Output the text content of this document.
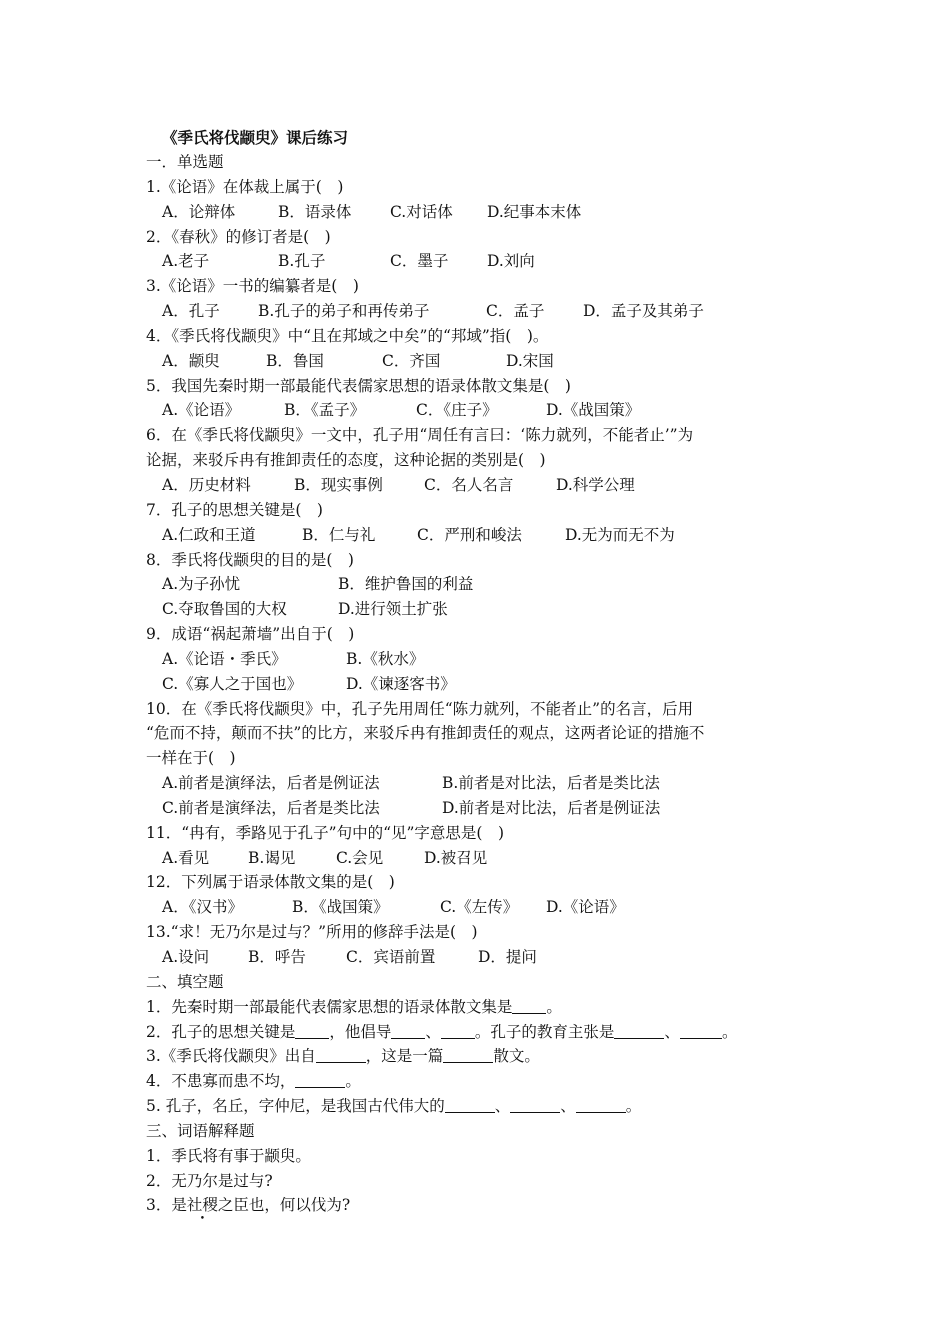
《季氏将伐颛臾》课后练习
一．单选题
1.《论语》在体裁上属于(　)
A．论辩体	B．语录体 C.对话体 D.纪事本末体
2．《春秋》的修订者是(　)
A.老子	B.孔子	C．墨子 D.刘向
3.《论语》一书的编纂者是(　)
A．孔子 B.孔子的弟子和再传弟子	C．孟子 D．孟子及其弟子
4．《季氏将伐颛臾》中“且在邦域之中矣”的“邦域”指(　)。
A．颛臾	B．鲁国	C．齐国	D.宋国
5．我国先秦时期一部最能代表儒家思想的语录体散文集是(　)
A.《论语》	B．《孟子》	C．《庄子》	D.《战国策》
6．在《季氏将伐颛臾》一文中，孔子用“周任有言曰：‘陈力就列，不能者止’”为
论据，来驳斥冉有推卸责任的态度，这种论据的类别是(　)
A．历史材料	B．现实事例	C．名人名言	D.科学公理
7．孔子的思想关键是(　)
A.仁政和王道	B．仁与礼	C．严刑和峻法	D.无为而无不为
8．季氏将伐颛臾的目的是(　)
A.为子孙忧	B．维护鲁国的利益
C.夺取鲁国的大权	D.进行领土扩张
9．成语“祸起萧墙”出自于(　)
A.《论语・季氏》	B.《秋水》
C.《寡人之于国也》	D.《谏逐客书》
10．在《季氏将伐颛臾》中，孔子先用周任“陈力就列，不能者止”的名言，后用
“危而不持，颠而不扶”的比方，来驳斥冉有推卸责任的观点，这两者论证的措施不
一样在于(　)
A.前者是演绎法，后者是例证法	B.前者是对比法，后者是类比法
C.前者是演绎法，后者是类比法	D.前者是对比法，后者是例证法
11．“冉有，季路见于孔子”句中的“见”字意思是(　)
A.看见	B.谒见	C.会见	D.被召见
12．下列属于语录体散文集的是(　)
A．《汉书》	B．《战国策》	C.《左传》 D.《论语》
13.“求！无乃尔是过与？”所用的修辞手法是(　)
A.设问	B．呼告	C．宾语前置	D．提问
二、填空题
1．先秦时期一部最能代表儒家思想的语录体散文集是 。
2．孔子的思想关键是 ，他倡导 、 。孔子的教育主张是	、	。
3.《季氏将伐颛臾》出自	，这是一篇	散文。
4．不患寡而患不均，	。
5. 孔子，名丘，字仲尼，是我国古代伟大的	、	、	。
三、词语解释题
1．季氏将有事于颛臾。
2．无乃尔是过与?
3．是社稷之臣也，何以伐为?
